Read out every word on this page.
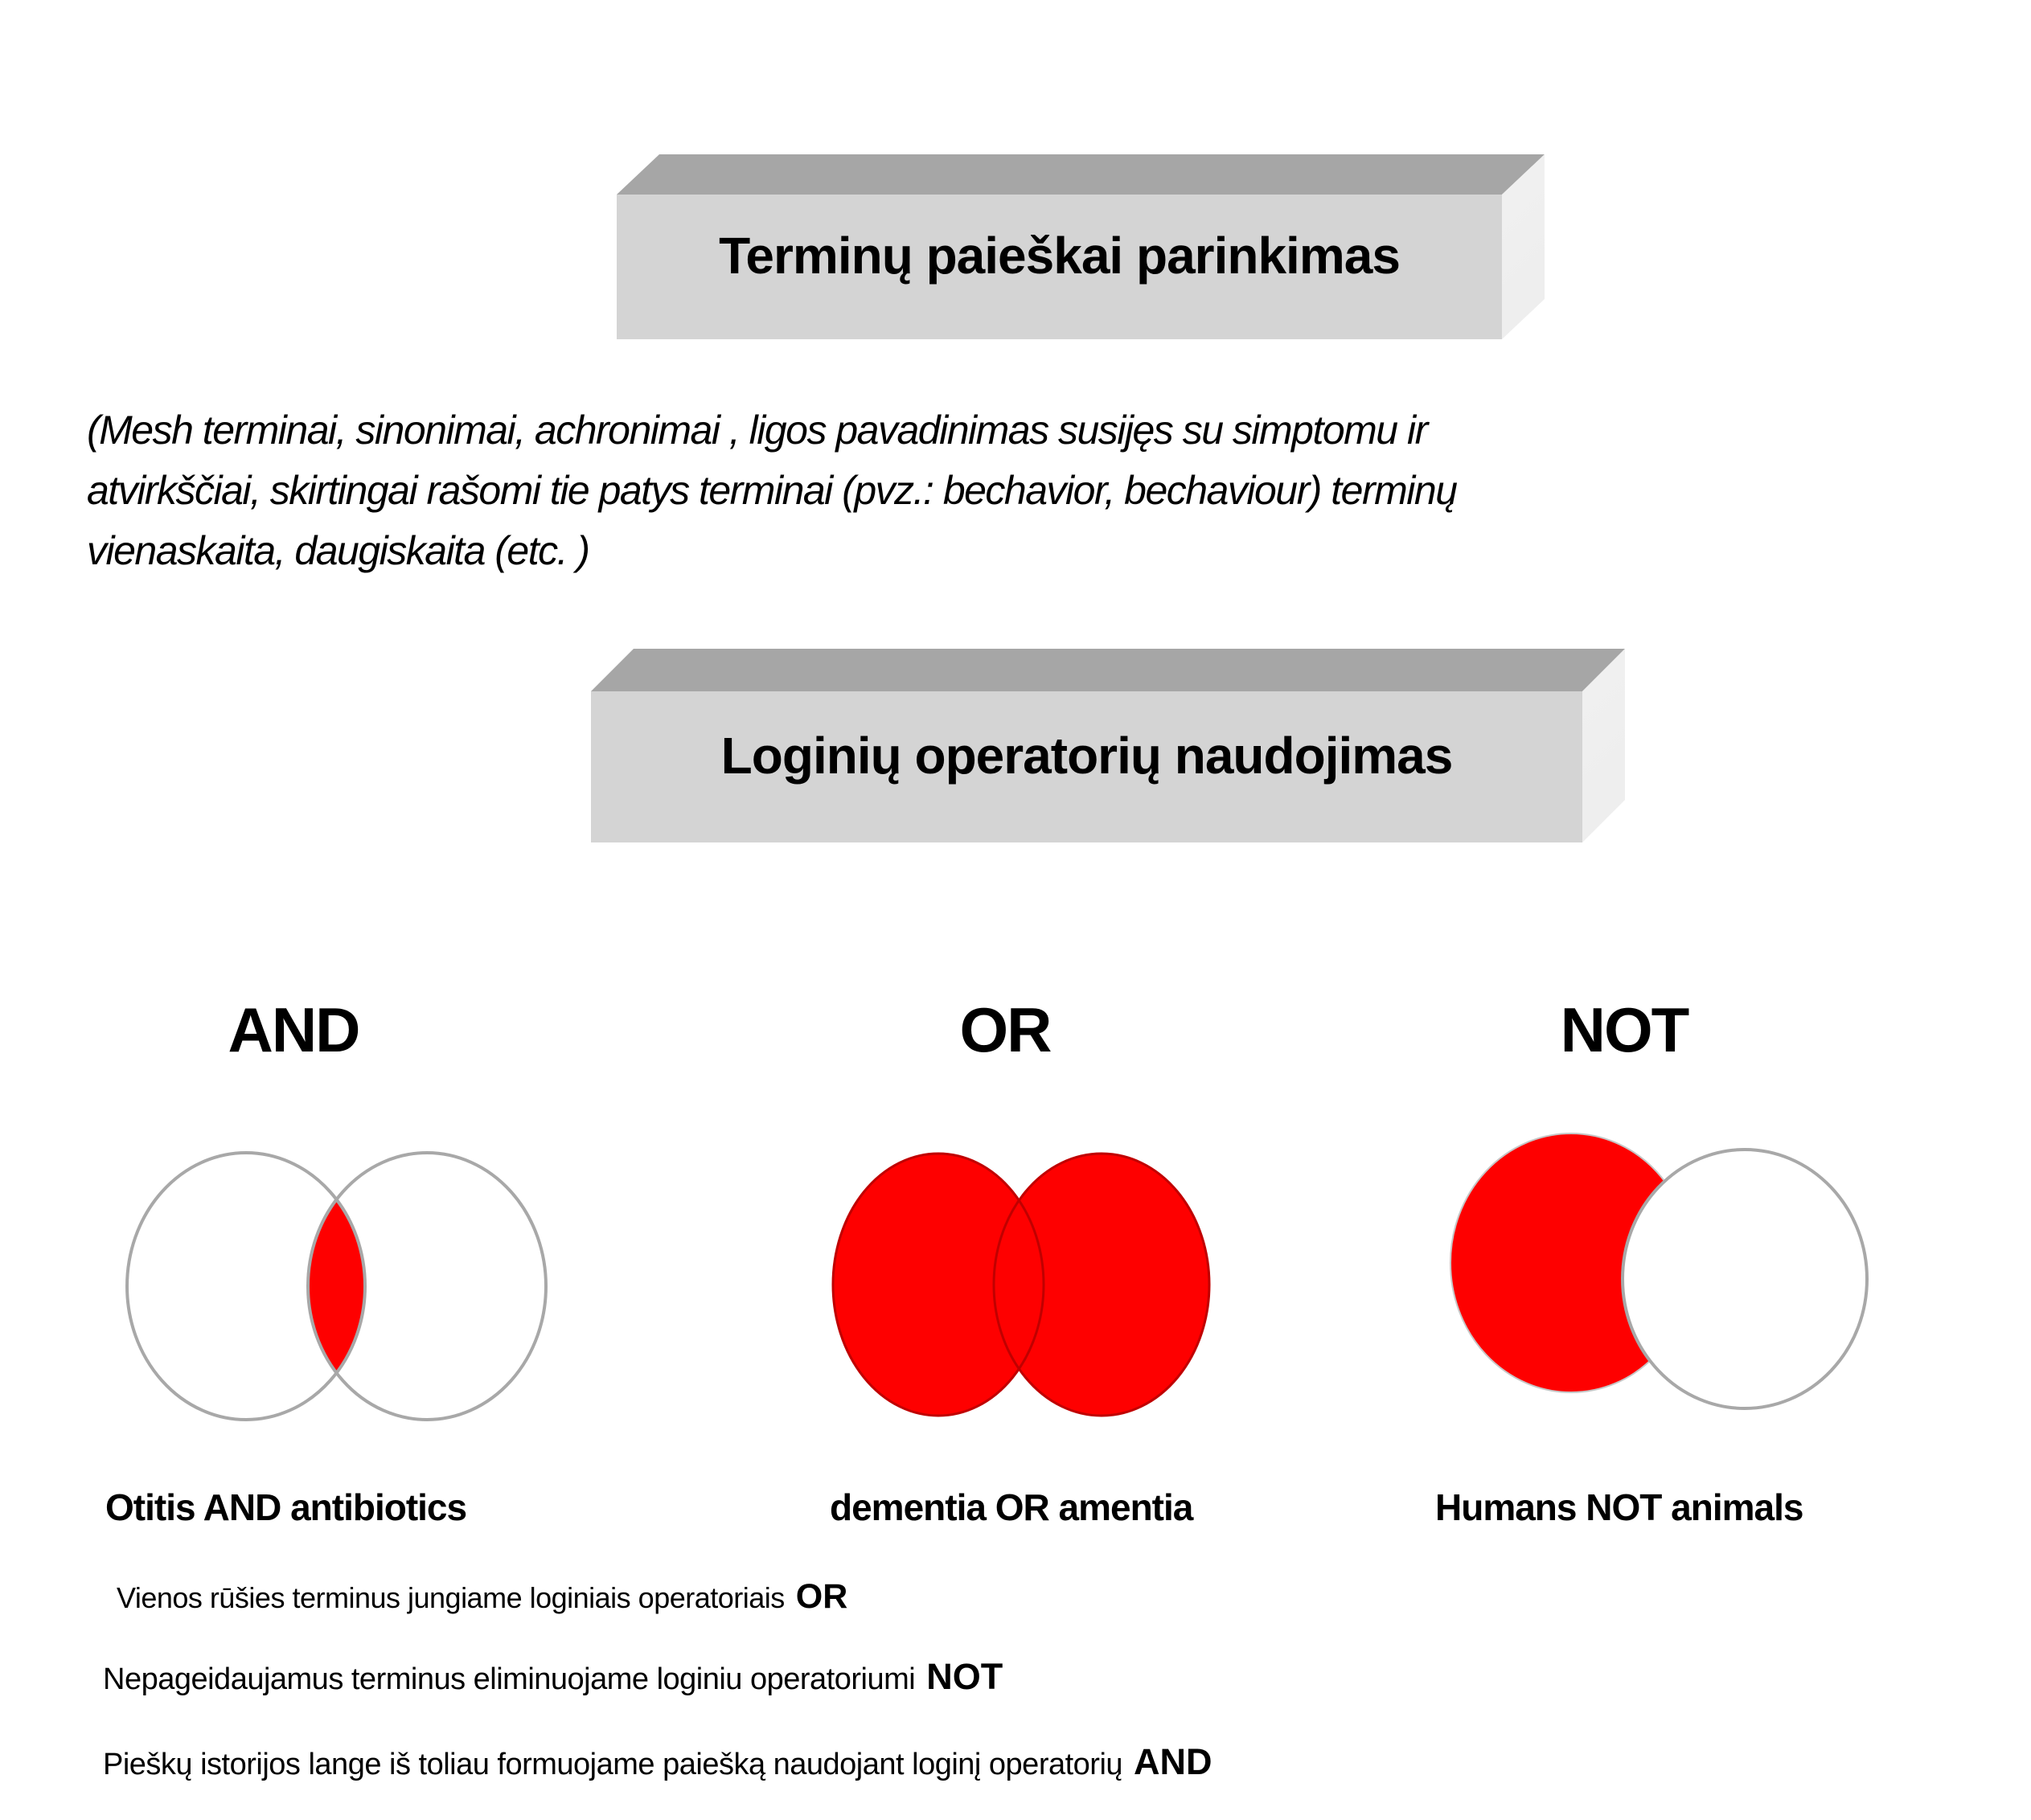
Terminų paieškai parinkimas
(Mesh terminai, sinonimai, achronimai , ligos pavadinimas susijęs su simptomu ir
atvirkščiai, skirtingai rašomi tie patys terminai (pvz.: bechavior, bechaviour) terminų
vienaskaita, daugiskaita (etc. )
Loginių operatorių naudojimas
AND	OR	NOT
Otitis AND antibiotics	dementia OR amentia	Humans NOT animals
Vienos rūšies terminus jungiame loginiais operatoriais OR
Nepageidaujamus terminus eliminuojame loginiu operatoriumi NOT
Pieškų istorijos lange iš toliau formuojame paiešką naudojant loginį operatorių AND
